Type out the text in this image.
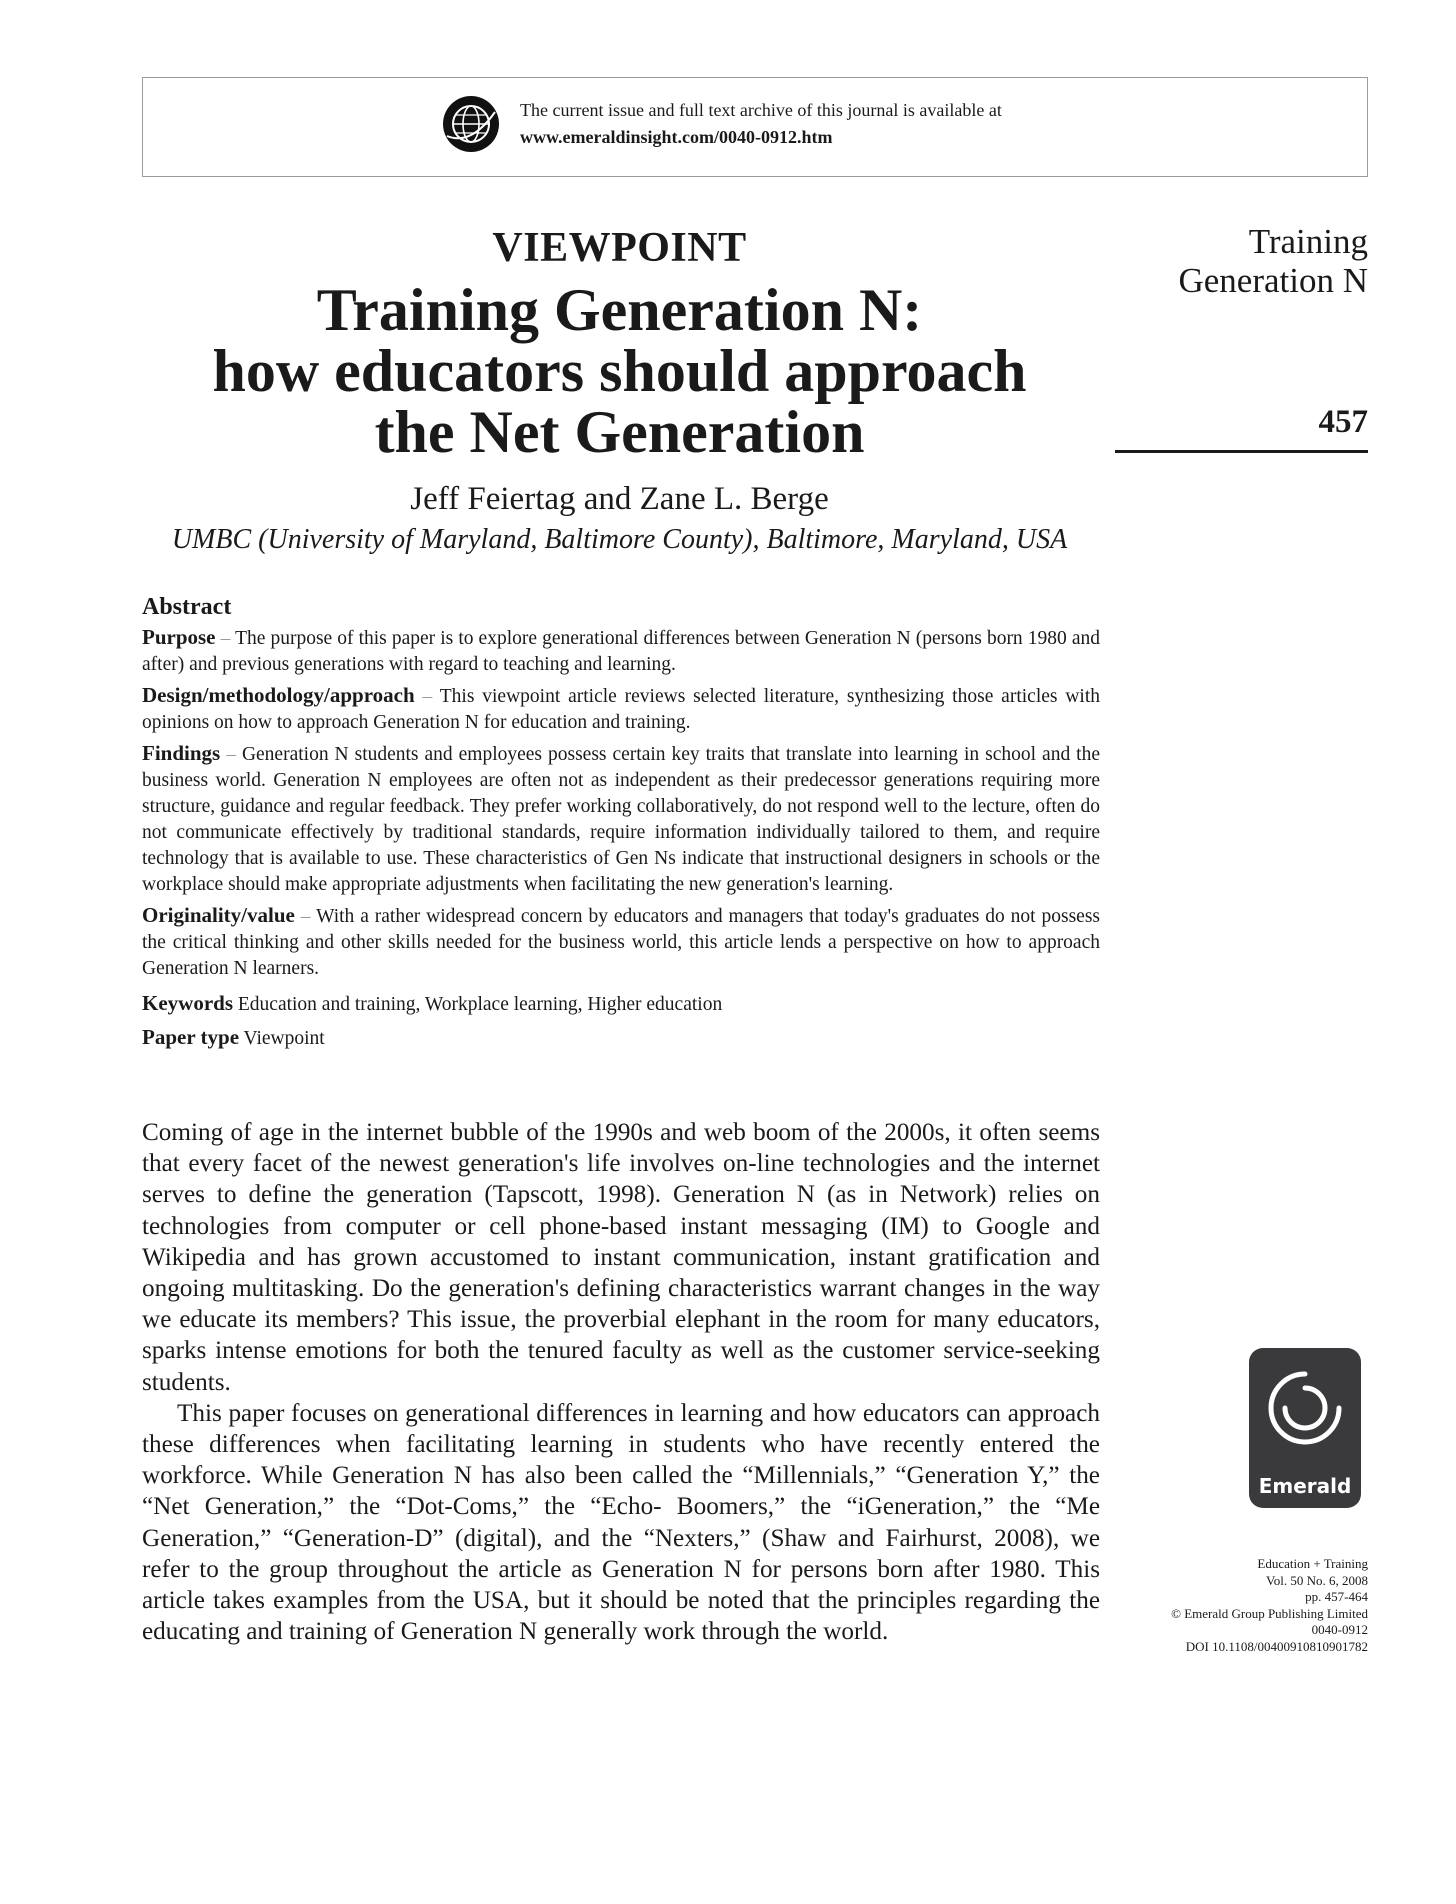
The current issue and full text archive of this journal is available at
www.emeraldinsight.com/0040-0912.htm
VIEWPOINT
Training Generation N:
how educators should approach
the Net Generation
Jeff Feiertag and Zane L. Berge
UMBC (University of Maryland, Baltimore County), Baltimore, Maryland, USA
Training
Generation N
457
Abstract

Purpose – The purpose of this paper is to explore generational differences between Generation N (persons born 1980 and after) and previous generations with regard to teaching and learning.

Design/methodology/approach – This viewpoint article reviews selected literature, synthesizing those articles with opinions on how to approach Generation N for education and training.

Findings – Generation N students and employees possess certain key traits that translate into learning in school and the business world. Generation N employees are often not as independent as their predecessor generations requiring more structure, guidance and regular feedback. They prefer working collaboratively, do not respond well to the lecture, often do not communicate effectively by traditional standards, require information individually tailored to them, and require technology that is available to use. These characteristics of Gen Ns indicate that instructional designers in schools or the workplace should make appropriate adjustments when facilitating the new generation's learning.

Originality/value – With a rather widespread concern by educators and managers that today's graduates do not possess the critical thinking and other skills needed for the business world, this article lends a perspective on how to approach Generation N learners.

Keywords Education and training, Workplace learning, Higher education

Paper type Viewpoint

Coming of age in the internet bubble of the 1990s and web boom of the 2000s, it often seems that every facet of the newest generation's life involves on-line technologies and the internet serves to define the generation (Tapscott, 1998). Generation N (as in Network) relies on technologies from computer or cell phone-based instant messaging (IM) to Google and Wikipedia and has grown accustomed to instant communication, instant gratification and ongoing multitasking. Do the generation's defining characteristics warrant changes in the way we educate its members? This issue, the proverbial elephant in the room for many educators, sparks intense emotions for both the tenured faculty as well as the customer service-seeking students.

This paper focuses on generational differences in learning and how educators can approach these differences when facilitating learning in students who have recently entered the workforce. While Generation N has also been called the “Millennials,” “Generation Y,” the “Net Generation,” the “Dot-Coms,” the “Echo- Boomers,” the “iGeneration,” the “Me Generation,” “Generation-D” (digital), and the “Nexters,” (Shaw and Fairhurst, 2008), we refer to the group throughout the article as Generation N for persons born after 1980. This article takes examples from the USA, but it should be noted that the principles regarding the educating and training of Generation N generally work through the world.

Emerald
Education + Training
Vol. 50 No. 6, 2008
pp. 457-464
© Emerald Group Publishing Limited
0040-0912
DOI 10.1108/00400910810901782
